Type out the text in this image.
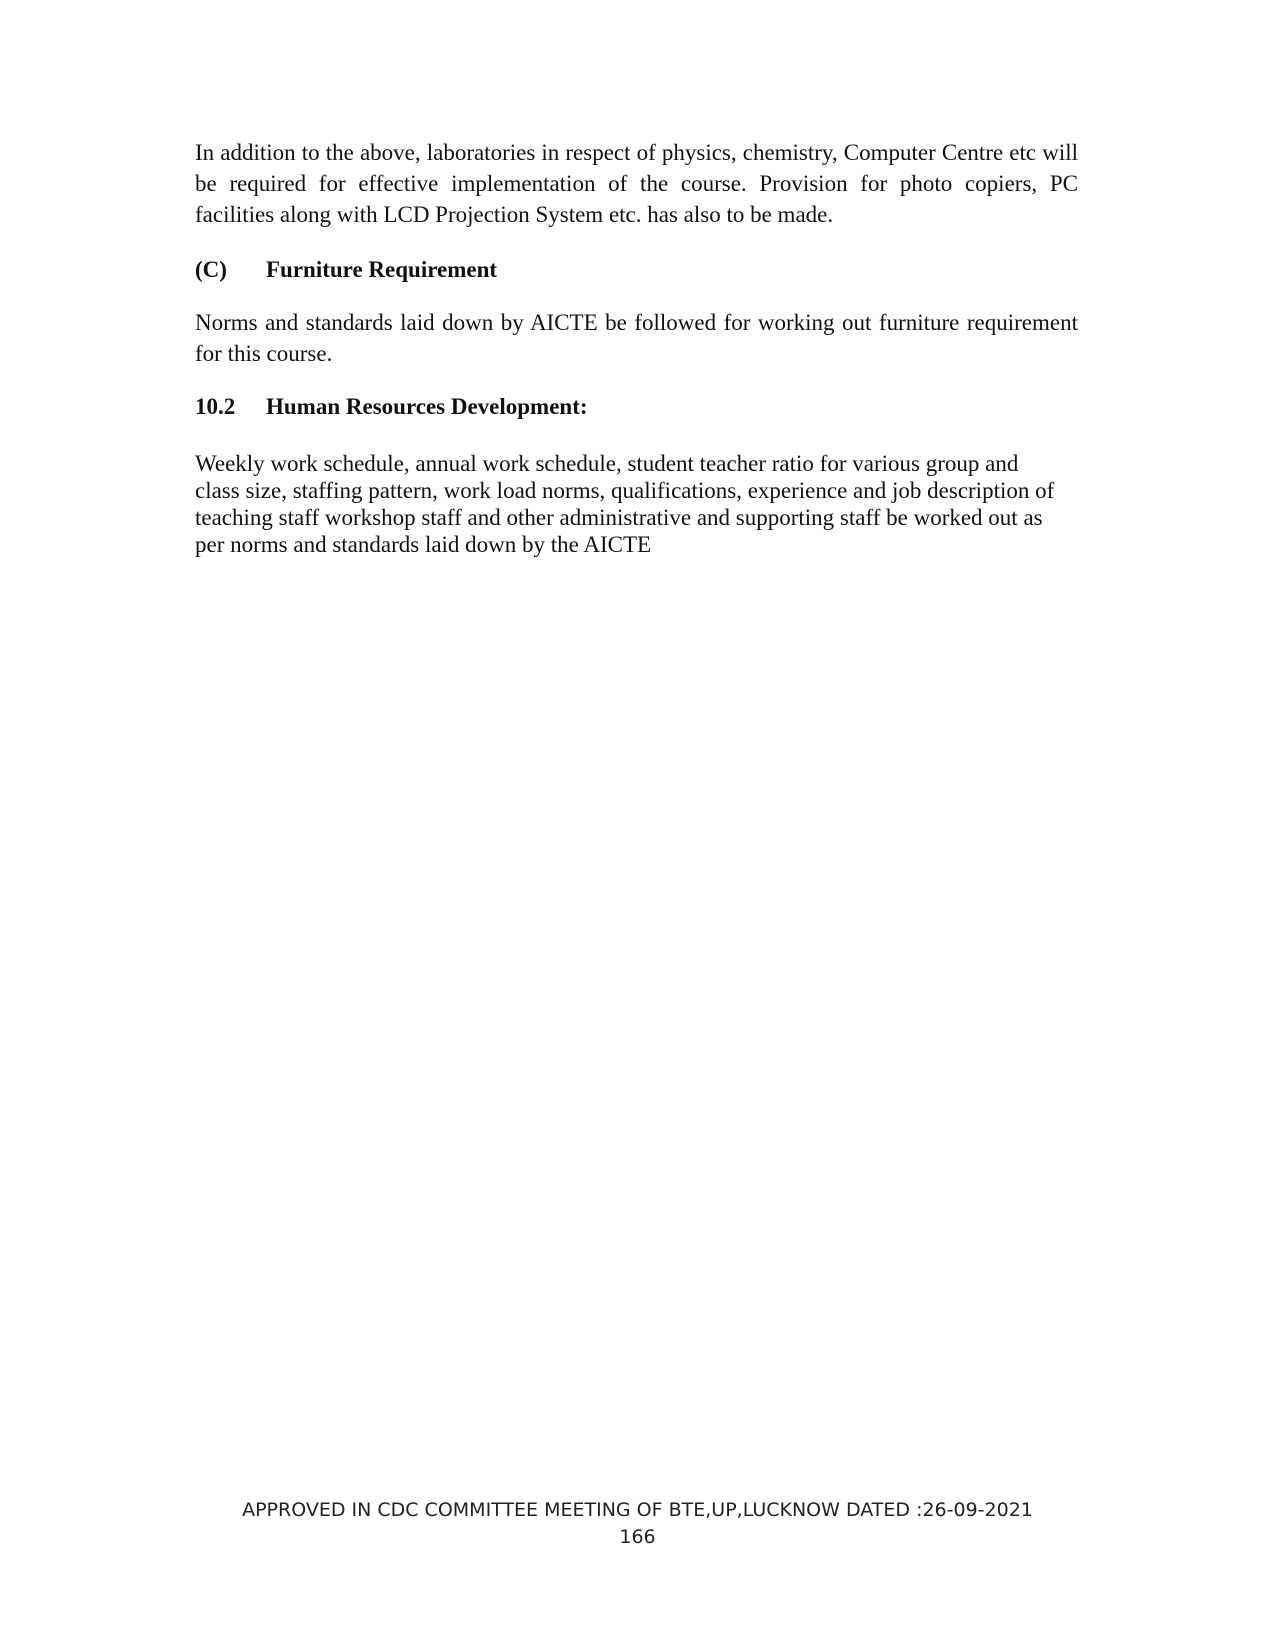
In addition to the above, laboratories in respect of physics, chemistry, Computer Centre etc will be required for effective implementation of the course. Provision for photo copiers, PC facilities along with LCD Projection System etc. has also to be made.

(C)	Furniture Requirement

Norms and standards laid down by AICTE be followed for working out furniture requirement for this course.

10.2	Human Resources Development:
Weekly work schedule, annual work schedule, student teacher ratio for various group and
class size, staffing pattern, work load norms, qualifications, experience and job description of
teaching staff workshop staff and other administrative and supporting staff be worked out as
per norms and standards laid down by the AICTE
APPROVED IN CDC COMMITTEE MEETING OF BTE,UP,LUCKNOW DATED :26-09-2021
166
